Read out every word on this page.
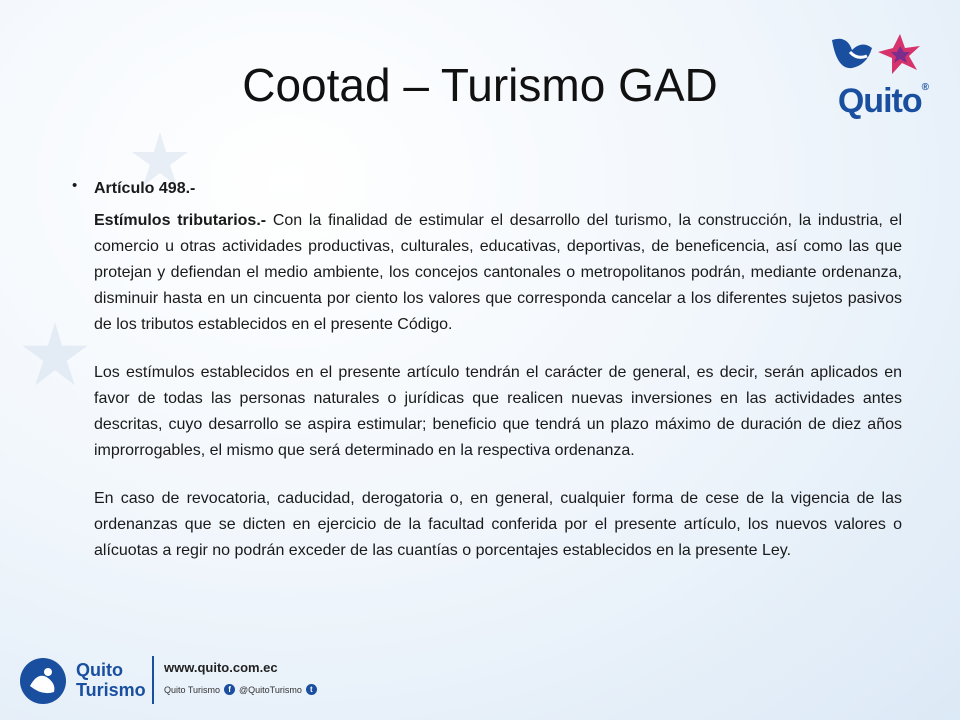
Cootad – Turismo GAD	Quito®
•	Artículo 498.-
Estímulos tributarios.- Con la finalidad de estimular el desarrollo del turismo, la construcción, la industria, el comercio u otras actividades productivas, culturales, educativas, deportivas, de beneficencia, así como las que protejan y defiendan el medio ambiente, los concejos cantonales o metropolitanos podrán, mediante ordenanza, disminuir hasta en un cincuenta por ciento los valores que corresponda cancelar a los diferentes sujetos pasivos de los tributos establecidos en el presente Código.
Los estímulos establecidos en el presente artículo tendrán el carácter de general, es decir, serán aplicados en favor de todas las personas naturales o jurídicas que realicen nuevas inversiones en las actividades antes descritas, cuyo desarrollo se aspira estimular; beneficio que tendrá un plazo máximo de duración de diez años improrrogables, el mismo que será determinado en la respectiva ordenanza.
En caso de revocatoria, caducidad, derogatoria o, en general, cualquier forma de cese de la vigencia de las ordenanzas que se dicten en ejercicio de la facultad conferida por el presente artículo, los nuevos valores o alícuotas a regir no podrán exceder de las cuantías o porcentajes establecidos en la presente Ley.
Quito
Turismo
www.quito.com.ec
Quito Turismo	f @QuitoTurismo	t
